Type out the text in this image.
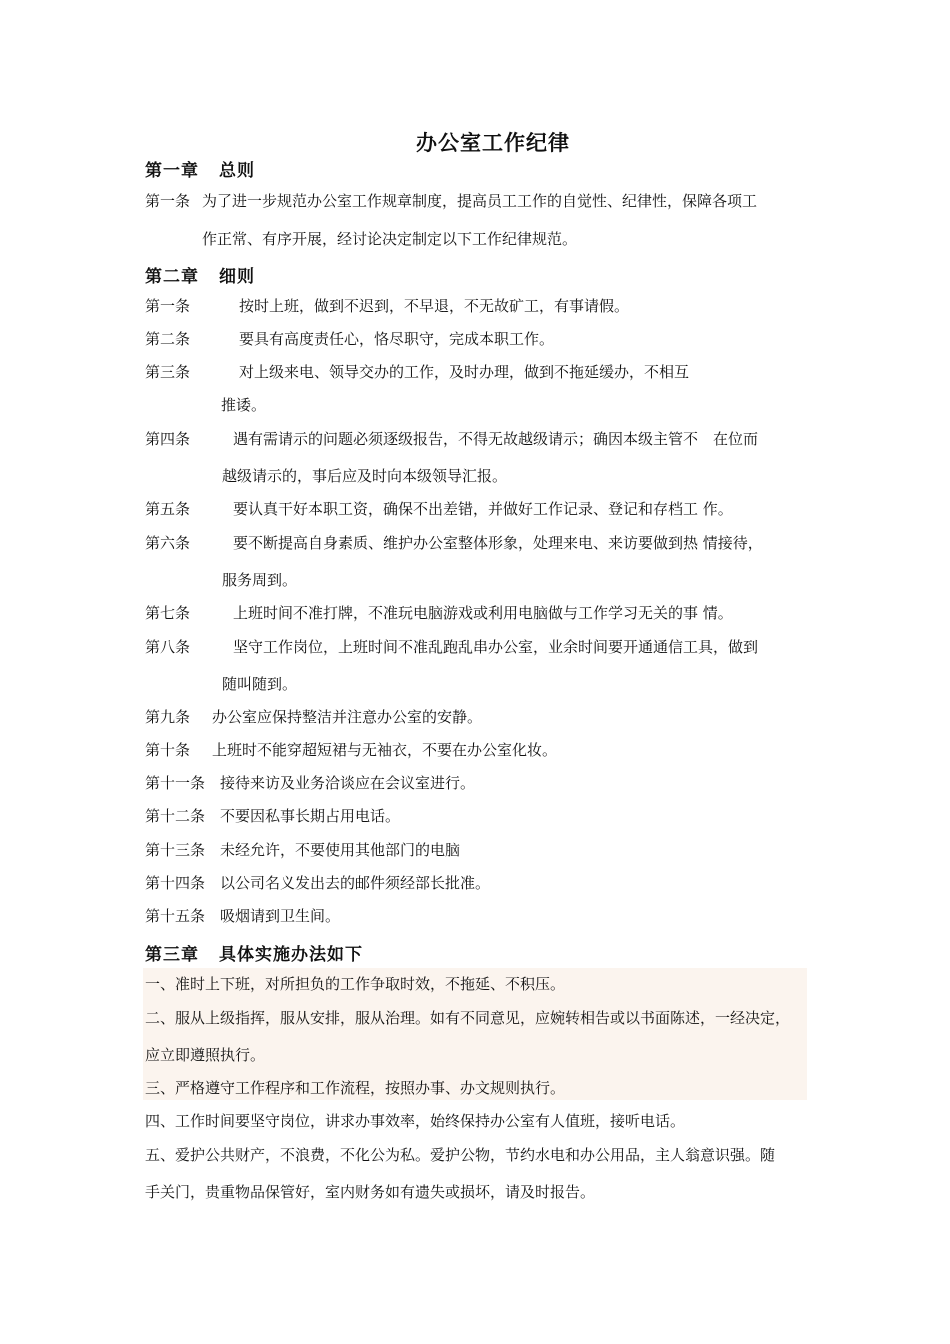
办公室工作纪律
第一章 总则
第一条 为了进一步规范办公室工作规章制度，提高员工工作的自觉性、纪律性，保障各项工
作正常、有序开展，经讨论决定制定以下工作纪律规范。
第二章 细则
第一条	按时上班，做到不迟到，不早退，不无故矿工，有事请假。
第二条	要具有高度责任心，恪尽职守，完成本职工作。
第三条	对上级来电、领导交办的工作，及时办理，做到不拖延缓办，不相互
推诿。
第四条	遇有需请示的问题必须逐级报告，不得无故越级请示；确因本级主管不　在位而
越级请示的，事后应及时向本级领导汇报。
第五条	要认真干好本职工资，确保不出差错，并做好工作记录、登记和存档工 作。
第六条	要不断提高自身素质、维护办公室整体形象，处理来电、来访要做到热 情接待，
服务周到。
第七条	上班时间不准打牌，不准玩电脑游戏或利用电脑做与工作学习无关的事 情。
第八条	坚守工作岗位，上班时间不准乱跑乱串办公室，业余时间要开通通信工具，做到
随叫随到。
第九条 办公室应保持整洁并注意办公室的安静。
第十条 上班时不能穿超短裙与无袖衣，不要在办公室化妆。
第十一条 接待来访及业务洽谈应在会议室进行。
第十二条 不要因私事长期占用电话。
第十三条 未经允许，不要使用其他部门的电脑
第十四条 以公司名义发出去的邮件须经部长批准。
第十五条 吸烟请到卫生间。
第三章 具体实施办法如下
一、准时上下班，对所担负的工作争取时效，不拖延、不积压。
二、服从上级指挥，服从安排，服从治理。如有不同意见，应婉转相告或以书面陈述，一经决定，
应立即遵照执行。
三、严格遵守工作程序和工作流程，按照办事、办文规则执行。
四、工作时间要坚守岗位，讲求办事效率，始终保持办公室有人值班，接听电话。
五、爱护公共财产，不浪费，不化公为私。爱护公物，节约水电和办公用品，主人翁意识强。随
手关门，贵重物品保管好，室内财务如有遗失或损坏，请及时报告。
